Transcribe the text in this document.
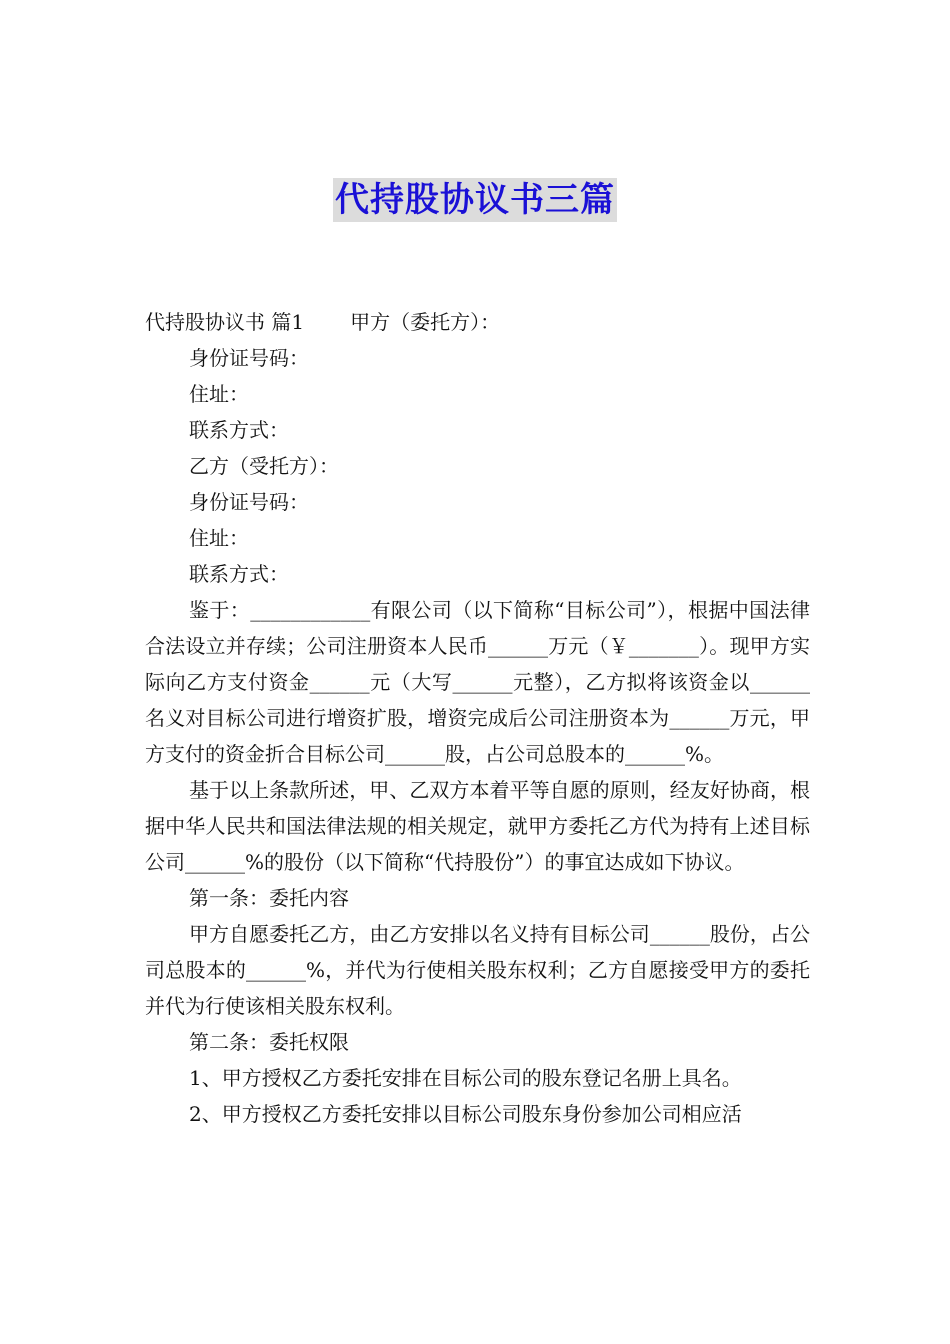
代持股协议书三篇
代持股协议书 篇1 甲方（委托方）：
身份证号码：
住址：
联系方式：
乙方（受托方）：
身份证号码：
住址：
联系方式：
鉴于：____________有限公司（以下简称“目标公司”），根据中国法律合法设立并存续；公司注册资本人民币______万元（￥_______）。现甲方实际向乙方支付资金______元（大写______元整），乙方拟将该资金以______名义对目标公司进行增资扩股，增资完成后公司注册资本为______万元，甲方支付的资金折合目标公司______股，占公司总股本的______%。
基于以上条款所述，甲、乙双方本着平等自愿的原则，经友好协商，根据中华人民共和国法律法规的相关规定，就甲方委托乙方代为持有上述目标公司______%的股份（以下简称“代持股份”）的事宜达成如下协议。
第一条：委托内容
甲方自愿委托乙方，由乙方安排以名义持有目标公司______股份，占公司总股本的______%，并代为行使相关股东权利；乙方自愿接受甲方的委托并代为行使该相关股东权利。
第二条：委托权限
1、甲方授权乙方委托安排在目标公司的股东登记名册上具名。
2、甲方授权乙方委托安排以目标公司股东身份参加公司相应活
